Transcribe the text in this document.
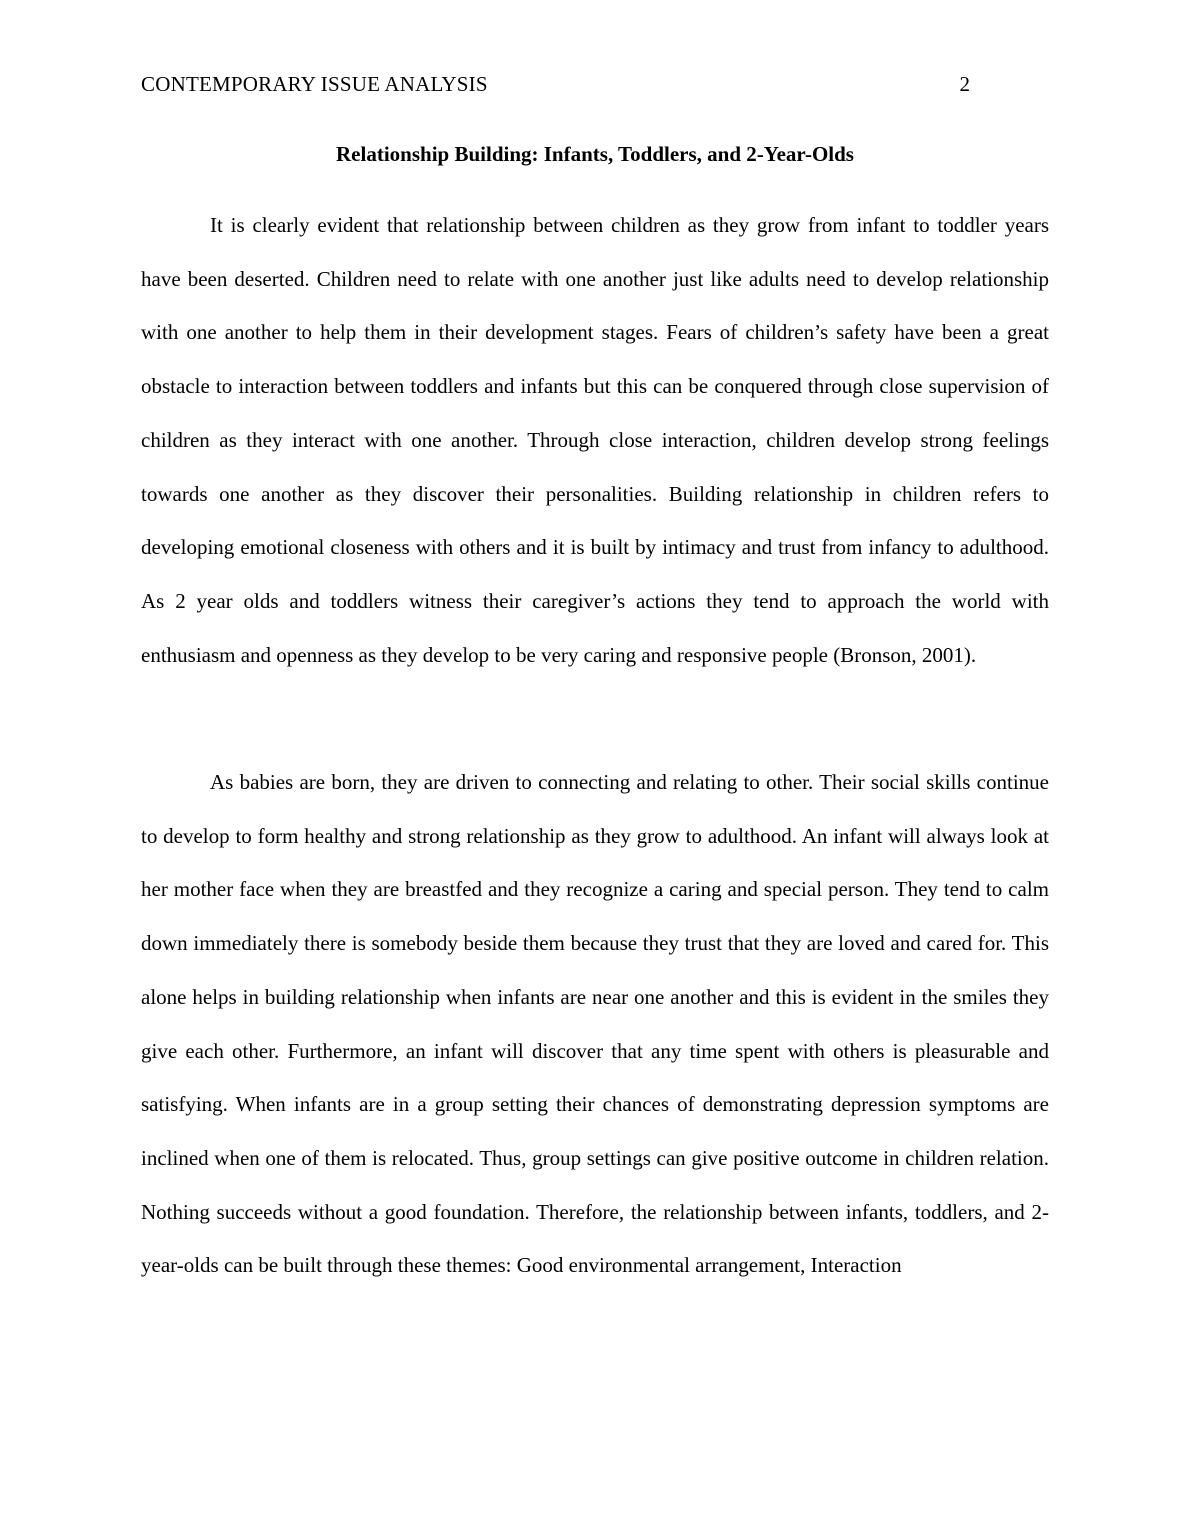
CONTEMPORARY ISSUE ANALYSIS	2
Relationship Building: Infants, Toddlers, and 2-Year-Olds

It is clearly evident that relationship between children as they grow from infant to toddler years have been deserted. Children need to relate with one another just like adults need to develop relationship with one another to help them in their development stages. Fears of children’s safety have been a great obstacle to interaction between toddlers and infants but this can be conquered through close supervision of children as they interact with one another. Through close interaction, children develop strong feelings towards one another as they discover their personalities. Building relationship in children refers to developing emotional closeness with others and it is built by intimacy and trust from infancy to adulthood. As 2 year olds and toddlers witness their caregiver’s actions they tend to approach the world with enthusiasm and openness as they develop to be very caring and responsive people (Bronson, 2001).

As babies are born, they are driven to connecting and relating to other. Their social skills continue to develop to form healthy and strong relationship as they grow to adulthood. An infant will always look at her mother face when they are breastfed and they recognize a caring and special person. They tend to calm down immediately there is somebody beside them because they trust that they are loved and cared for. This alone helps in building relationship when infants are near one another and this is evident in the smiles they give each other. Furthermore, an infant will discover that any time spent with others is pleasurable and satisfying. When infants are in a group setting their chances of demonstrating depression symptoms are inclined when one of them is relocated. Thus, group settings can give positive outcome in children relation. Nothing succeeds without a good foundation. Therefore, the relationship between infants, toddlers, and 2-year-olds can be built through these themes: Good environmental arrangement, Interaction
